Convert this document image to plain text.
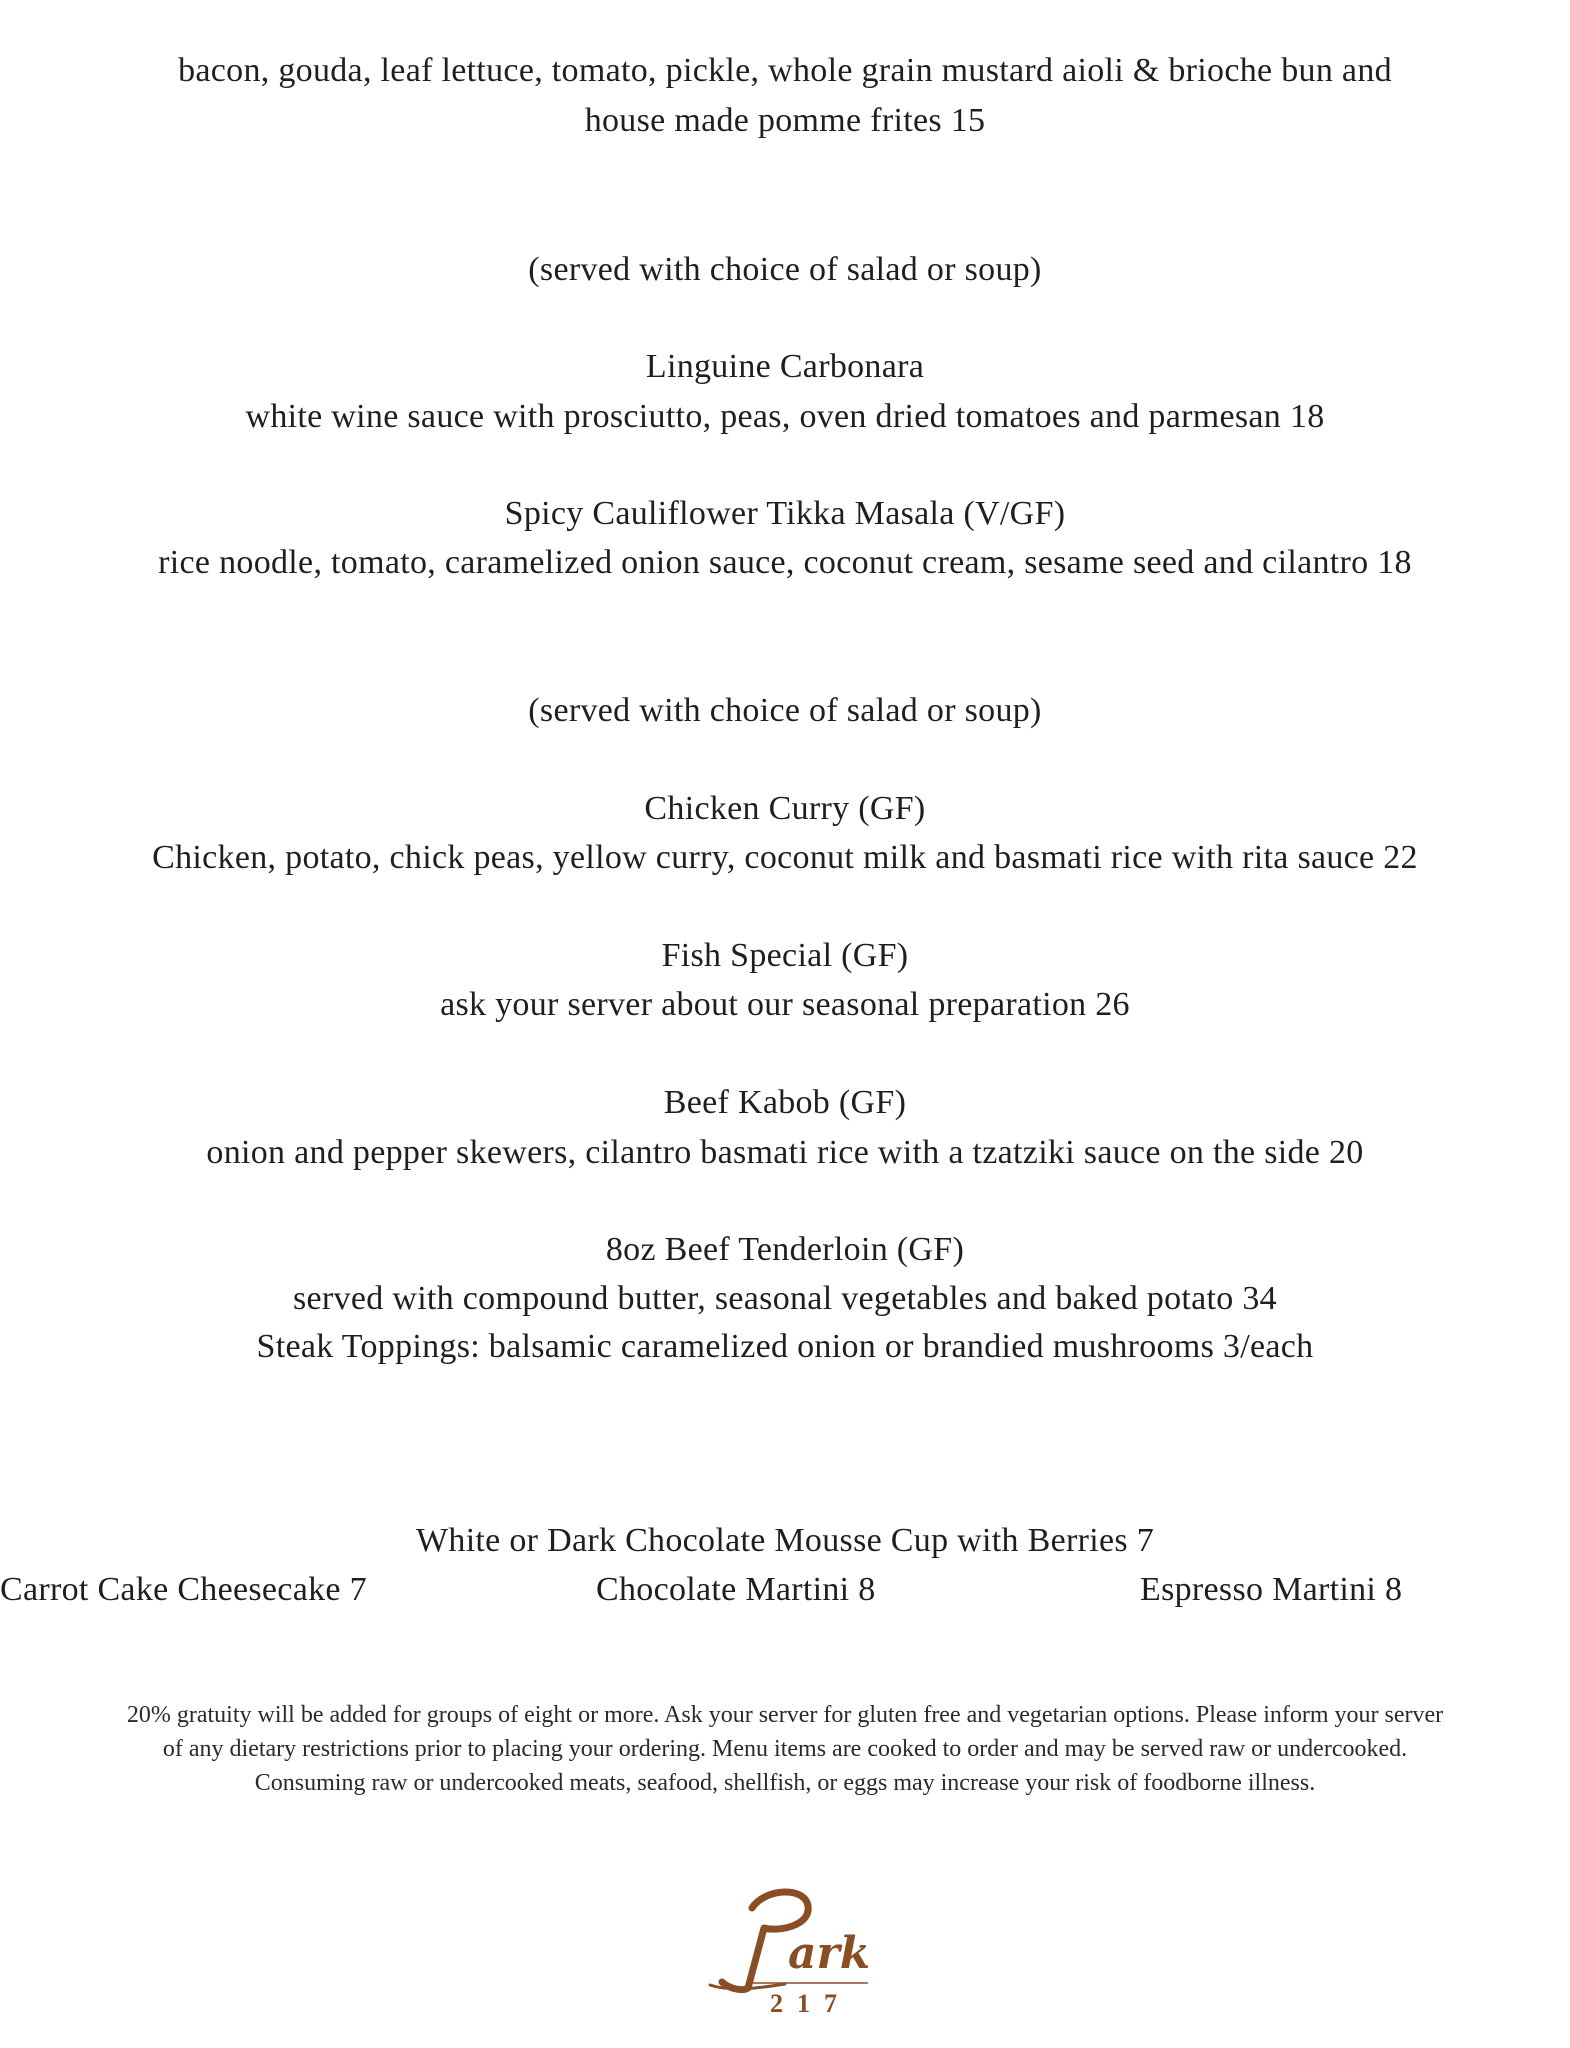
bacon, gouda, leaf lettuce, tomato, pickle, whole grain mustard aioli & brioche bun and
house made pomme frites 15
(served with choice of salad or soup)
Linguine Carbonara
white wine sauce with prosciutto, peas, oven dried tomatoes and parmesan 18
Spicy Cauliflower Tikka Masala (V/GF)
rice noodle, tomato, caramelized onion sauce, coconut cream, sesame seed and cilantro 18
(served with choice of salad or soup)
Chicken Curry (GF)
Chicken, potato, chick peas, yellow curry, coconut milk and basmati rice with rita sauce 22
Fish Special (GF)
ask your server about our seasonal preparation 26
Beef Kabob (GF)
onion and pepper skewers, cilantro basmati rice with a tzatziki sauce on the side 20
8oz Beef Tenderloin (GF)
served with compound butter, seasonal vegetables and baked potato 34
Steak Toppings: balsamic caramelized onion or brandied mushrooms 3/each
White or Dark Chocolate Mousse Cup with Berries 7
Carrot Cake Cheesecake 7	Chocolate Martini 8	Espresso Martini 8
20% gratuity will be added for groups of eight or more. Ask your server for gluten free and vegetarian options. Please inform your server
of any dietary restrictions prior to placing your ordering. Menu items are cooked to order and may be served raw or undercooked.
Consuming raw or undercooked meats, seafood, shellfish, or eggs may increase your risk of foodborne illness.
ark
217
